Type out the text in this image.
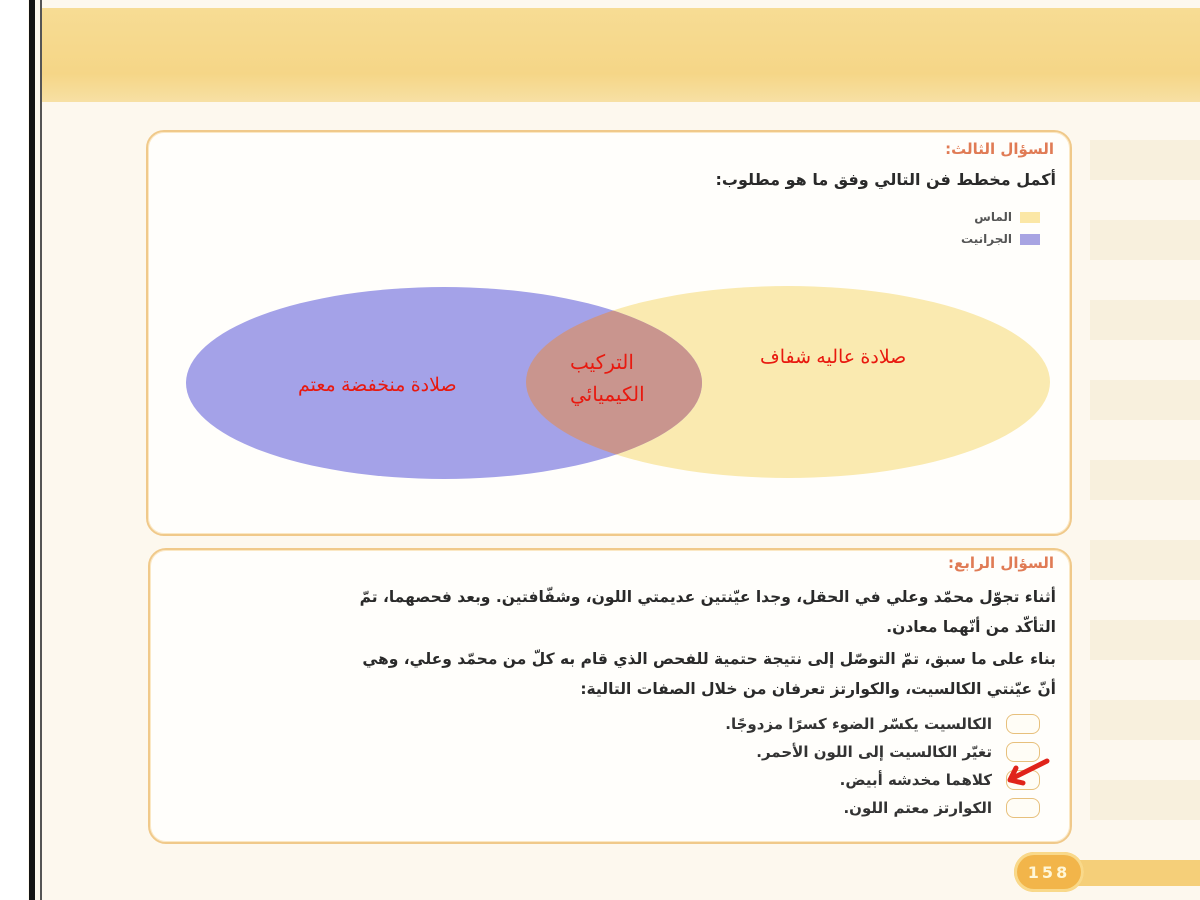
السؤال الثالث:
أكمل مخطط فن التالي وفق ما هو مطلوب:
الماس
الجرانيت
صلادة منخفضة معتم
صلادة عاليه شفاف
التركيب
الكيميائي
السؤال الرابع:
أثناء تجوّل محمّد وعلي في الحقل، وجدا عيّنتين عديمتي اللون، وشفّافتين. وبعد فحصهما، تمّ
التأكّد من أنّهما معادن.
بناء على ما سبق، تمّ التوصّل إلى نتيجة حتمية للفحص الذي قام به كلّ من محمّد وعلي، وهي
أنّ عيّنتي الكالسيت، والكوارتز تعرفان من خلال الصفات التالية:
الكالسيت يكسّر الضوء كسرًا مزدوجًا.
تغيّر الكالسيت إلى اللون الأحمر.
كلاهما مخدشه أبيض.
الكوارتز معتم اللون.
158
